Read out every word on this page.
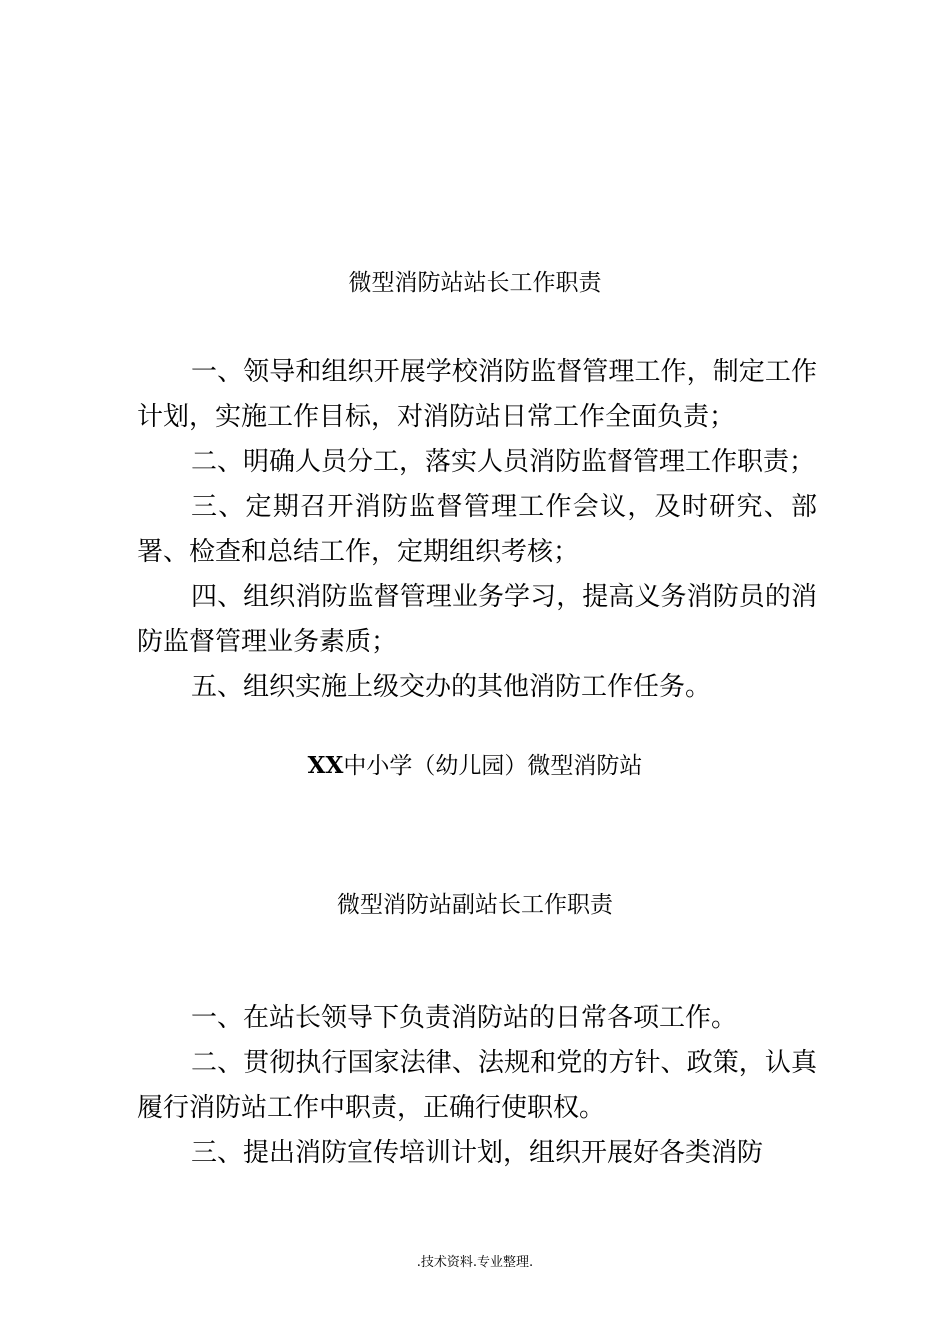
微型消防站站长工作职责

一、领导和组织开展学校消防监督管理工作，制定工作计划，实施工作目标，对消防站日常工作全面负责；

二、明确人员分工，落实人员消防监督管理工作职责；

三、定期召开消防监督管理工作会议，及时研究、部署、检查和总结工作，定期组织考核；

四、组织消防监督管理业务学习，提高义务消防员的消防监督管理业务素质；

五、组织实施上级交办的其他消防工作任务。

XX中小学（幼儿园）微型消防站
微型消防站副站长工作职责

一、在站长领导下负责消防站的日常各项工作。

二、贯彻执行国家法律、法规和党的方针、政策，认真履行消防站工作中职责，正确行使职权。

三、提出消防宣传培训计划，组织开展好各类消防

.技术资料.专业整理.
